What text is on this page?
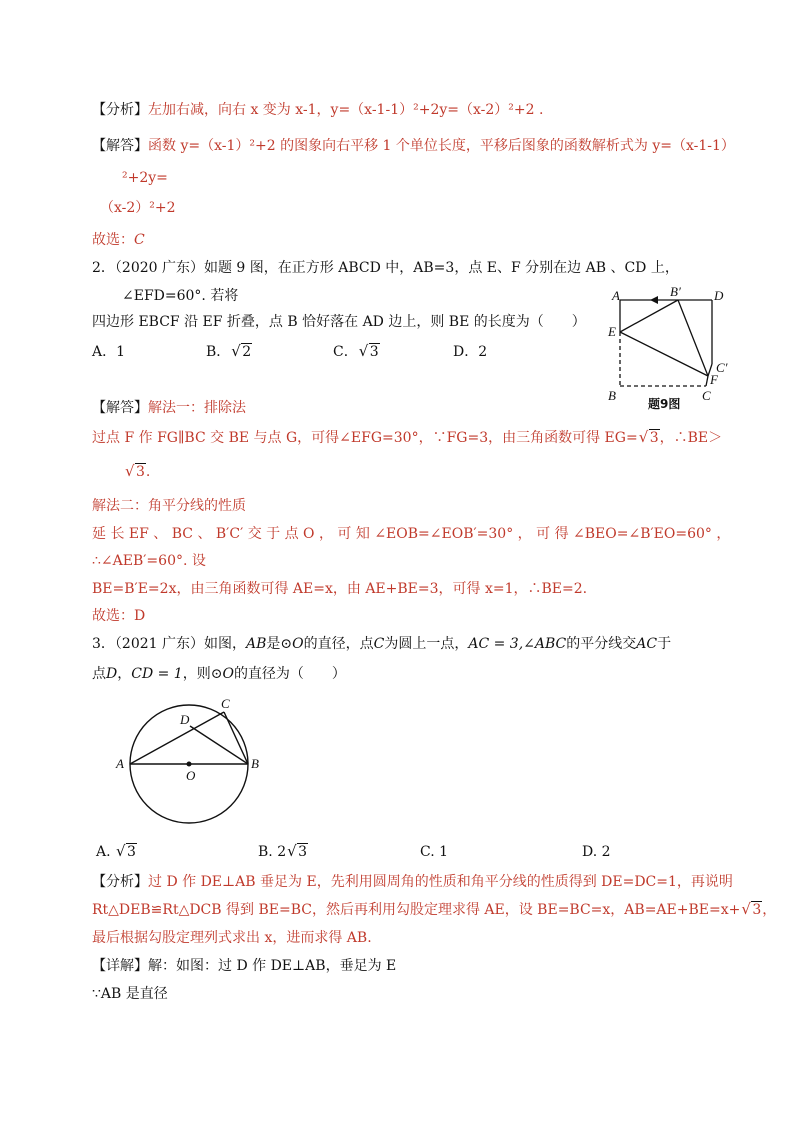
【分析】左加右减，向右 x 变为 x-1，y=（x-1-1）²+2y=（x-2）²+2 .
【解答】函数 y=（x-1）²+2 的图象向右平移 1 个单位长度，平移后图象的函数解析式为 y=（x-1-1）
²+2y=
（x-2）²+2
故选：C
2．（2020 广东）如题 9 图，在正方形 ABCD 中，AB=3，点 E、F 分别在边 AB 、CD 上，
∠EFD=60°. 若将
四边形 EBCF 沿 EF 折叠，点 B 恰好落在 AD 边上，则 BE 的长度为（　　）
A．1	B． √ 2	C． √ 3	D．2
A	B′	D
E
C′
F
B	C
题9图
【解答】解法一：排除法
过点 F 作 FG∥BC 交 BE 与点 G，可得∠EFG=30°，∵FG=3，由三角函数可得 EG= √ 3，∴BE＞
√ 3.
解法二：角平分线的性质
延 长 EF 、 BC 、 B′C′ 交 于 点 O ， 可 知 ∠EOB=∠EOB′=30° ， 可 得 ∠BEO=∠B′EO=60° ，
∴∠AEB′=60°. 设
BE=B′E=2x，由三角函数可得 AE=x，由 AE+BE=3，可得 x=1，∴BE=2.
故选：D
3．（2021 广东）如图，AB是⊙O的直径，点C为圆上一点，AC = 3,∠ABC的平分线交AC于
点D，CD = 1，则⊙O的直径为（　　）
A	B
C
D
O
A. √ 3	B. 2 √ 3	C. 1	D. 2
【分析】过 D 作 DE⊥AB 垂足为 E，先利用圆周角的性质和角平分线的性质得到 DE=DC=1，再说明
Rt△DEB≌Rt△DCB 得到 BE=BC，然后再利用勾股定理求得 AE，设 BE=BC=x，AB=AE+BE=x+ √ 3，
最后根据勾股定理列式求出 x，进而求得 AB.
【详解】解：如图：过 D 作 DE⊥AB，垂足为 E
∵AB 是直径
